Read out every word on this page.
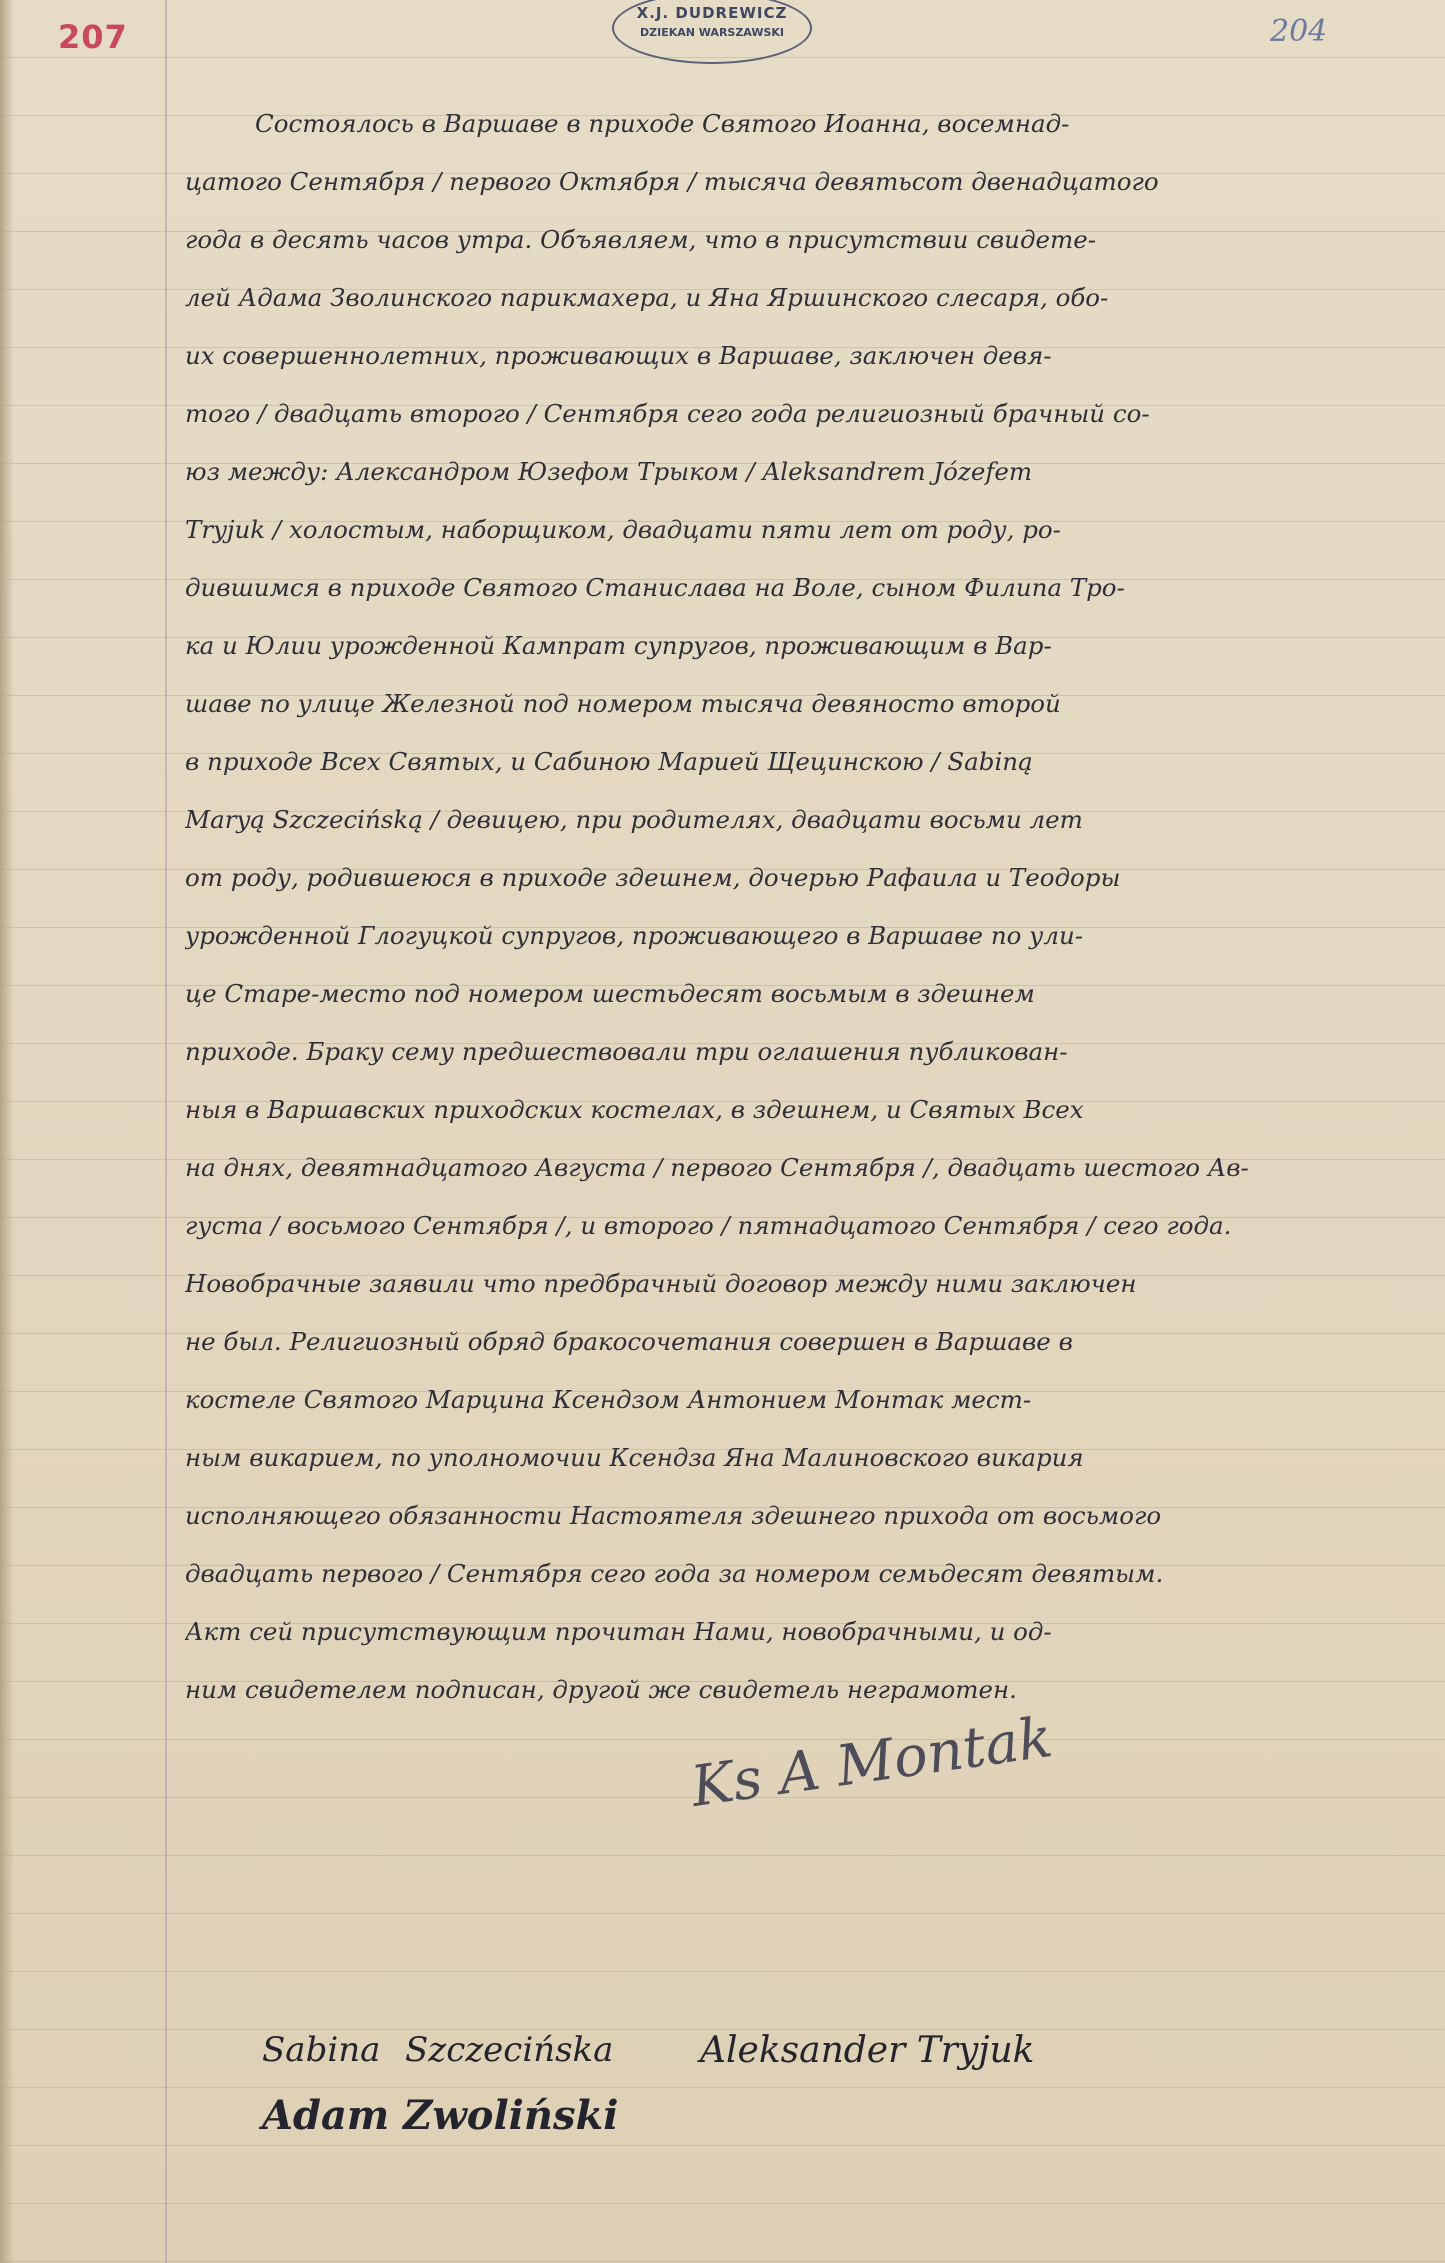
207	204
X.J. DUDREWICZ
DZIEKAN WARSZAWSKI
Состоялось в Варшаве в приходе Святого Иоанна, восемнад-
цатого Сентября / первого Октября / тысяча девятьсот двенадцатого
года в десять часов утра. Объявляем, что в присутствии свидете-
лей Адама Зволинского парикмахера, и Яна Яршинского слесаря, обо-
их совершеннолетних, проживающих в Варшаве, заключен девя-
того / двадцать второго / Сентября сего года религиозный брачный со-
юз между: Александром Юзефом Трыком / Aleksandrem Józefem
Tryjuk / холостым, наборщиком, двадцати пяти лет от роду, ро-
дившимся в приходе Святого Станислава на Воле, сыном Филипа Тро-
ка и Юлии урожденной Кампрат супругов, проживающим в Вар-
шаве по улице Железной под номером тысяча девяносто второй
в приходе Всех Святых, и Сабиною Марией Щецинскою / Sabiną
Maryą Szczecińską / девицею, при родителях, двадцати восьми лет
от роду, родившеюся в приходе здешнем, дочерью Рафаила и Теодоры
урожденной Глогуцкой супругов, проживающего в Варшаве по ули-
це Старе-место под номером шестьдесят восьмым в здешнем
приходе. Браку сему предшествовали три оглашения публикован-
ныя в Варшавских приходских костелах, в здешнем, и Святых Всех
на днях, девятнадцатого Августа / первого Сентября /, двадцать шестого Ав-
густа / восьмого Сентября /, и второго / пятнадцатого Сентября / сего года.
Новобрачные заявили что предбрачный договор между ними заключен
не был. Религиозный обряд бракосочетания совершен в Варшаве в
костеле Святого Марцина Ксендзом Антонием Монтак мест-
ным викарием, по уполномочии Ксендза Яна Малиновского викария
исполняющего обязанности Настоятеля здешнего прихода от восьмого
двадцать первого / Сентября сего года за номером семьдесят девятым.
Акт сей присутствующим прочитан Нами, новобрачными, и од-
ним свидетелем подписан, другой же свидетель неграмотен.
Ks A Montak
Sabina Szczecińska Aleksander Tryjuk
Adam Zwoliński
